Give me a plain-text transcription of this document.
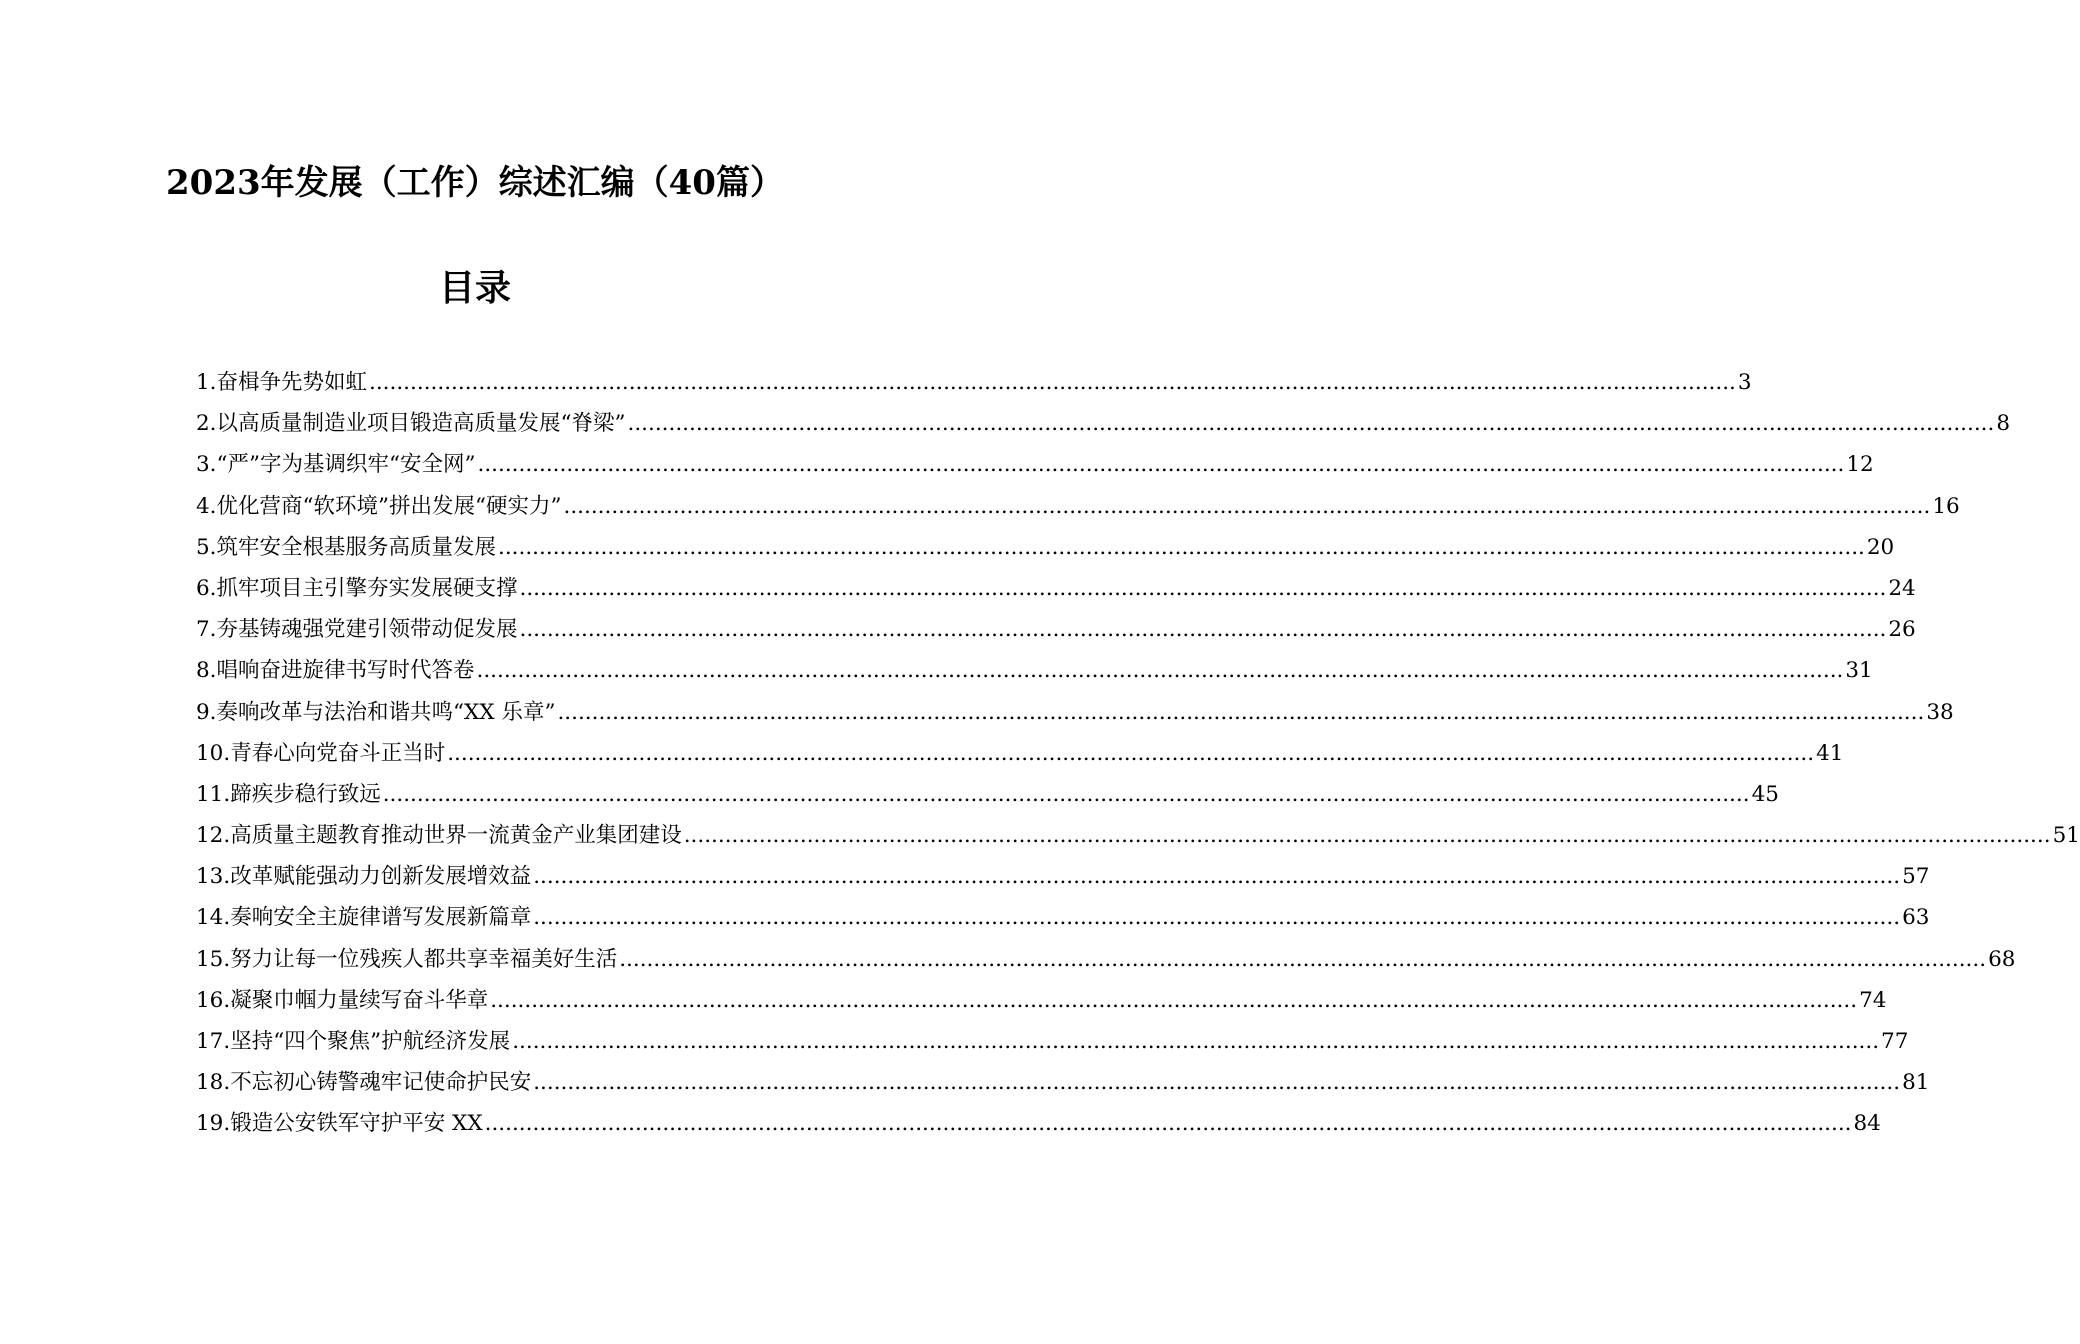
2023年发展（工作）综述汇编（40篇）
目录
1.奋楫争先势如虹 ........................................................................................................................................................................................................ 3
2.以高质量制造业项目锻造高质量发展“脊梁” ........................................................................................................................................................................................................ 8
3.“严”字为基调织牢“安全网” ........................................................................................................................................................................................................ 12
4.优化营商“软环境”拼出发展“硬实力” ........................................................................................................................................................................................................ 16
5.筑牢安全根基服务高质量发展 ........................................................................................................................................................................................................ 20
6.抓牢项目主引擎夯实发展硬支撑 ........................................................................................................................................................................................................ 24
7.夯基铸魂强党建引领带动促发展 ........................................................................................................................................................................................................ 26
8.唱响奋进旋律书写时代答卷 ........................................................................................................................................................................................................ 31
9.奏响改革与法治和谐共鸣“XX 乐章” ........................................................................................................................................................................................................ 38
10.青春心向党奋斗正当时 ........................................................................................................................................................................................................ 41
11.蹄疾步稳行致远 ........................................................................................................................................................................................................ 45
12.高质量主题教育推动世界一流黄金产业集团建设 ........................................................................................................................................................................................................ 51
13.改革赋能强动力创新发展增效益 ........................................................................................................................................................................................................ 57
14.奏响安全主旋律谱写发展新篇章 ........................................................................................................................................................................................................ 63
15.努力让每一位残疾人都共享幸福美好生活 ........................................................................................................................................................................................................ 68
16.凝聚巾帼力量续写奋斗华章 ........................................................................................................................................................................................................ 74
17.坚持“四个聚焦”护航经济发展 ........................................................................................................................................................................................................ 77
18.不忘初心铸警魂牢记使命护民安 ........................................................................................................................................................................................................ 81
19.锻造公安铁军守护平安 XX ........................................................................................................................................................................................................ 84
